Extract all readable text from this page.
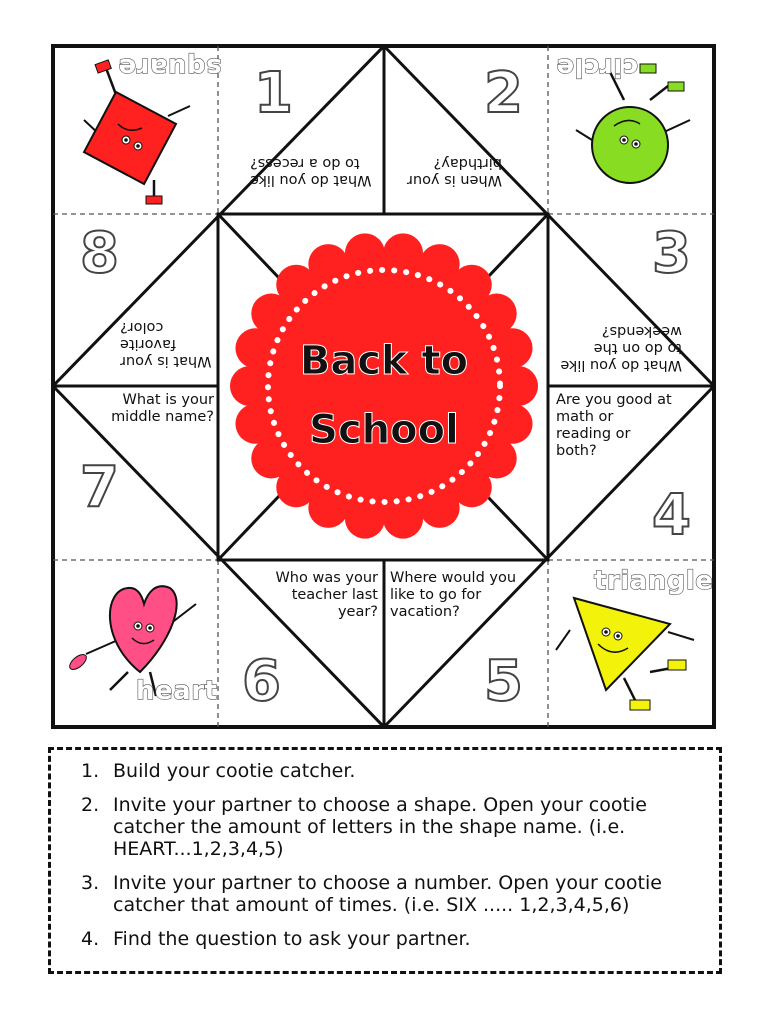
Back to
School
square	circle
heart
triangle
1	2
3
4
5
6
7
8
What do you like
to do a recess?
When is your
birthday?
What do you like
to do on the
weekends?
Are you good at
math or
reading or
both?
Where would you
like to go for
vacation?
Who was your
teacher last
year?
What is your
middle name?
What is your
favorite
color?
1. Build your cootie catcher.
2. Invite your partner to choose a shape. Open your cootie catcher the amount of letters in the shape name. (i.e. HEART...1,2,3,4,5)
3. Invite your partner to choose a number. Open your cootie catcher that amount of times. (i.e. SIX ..... 1,2,3,4,5,6)
4. Find the question to ask your partner.
